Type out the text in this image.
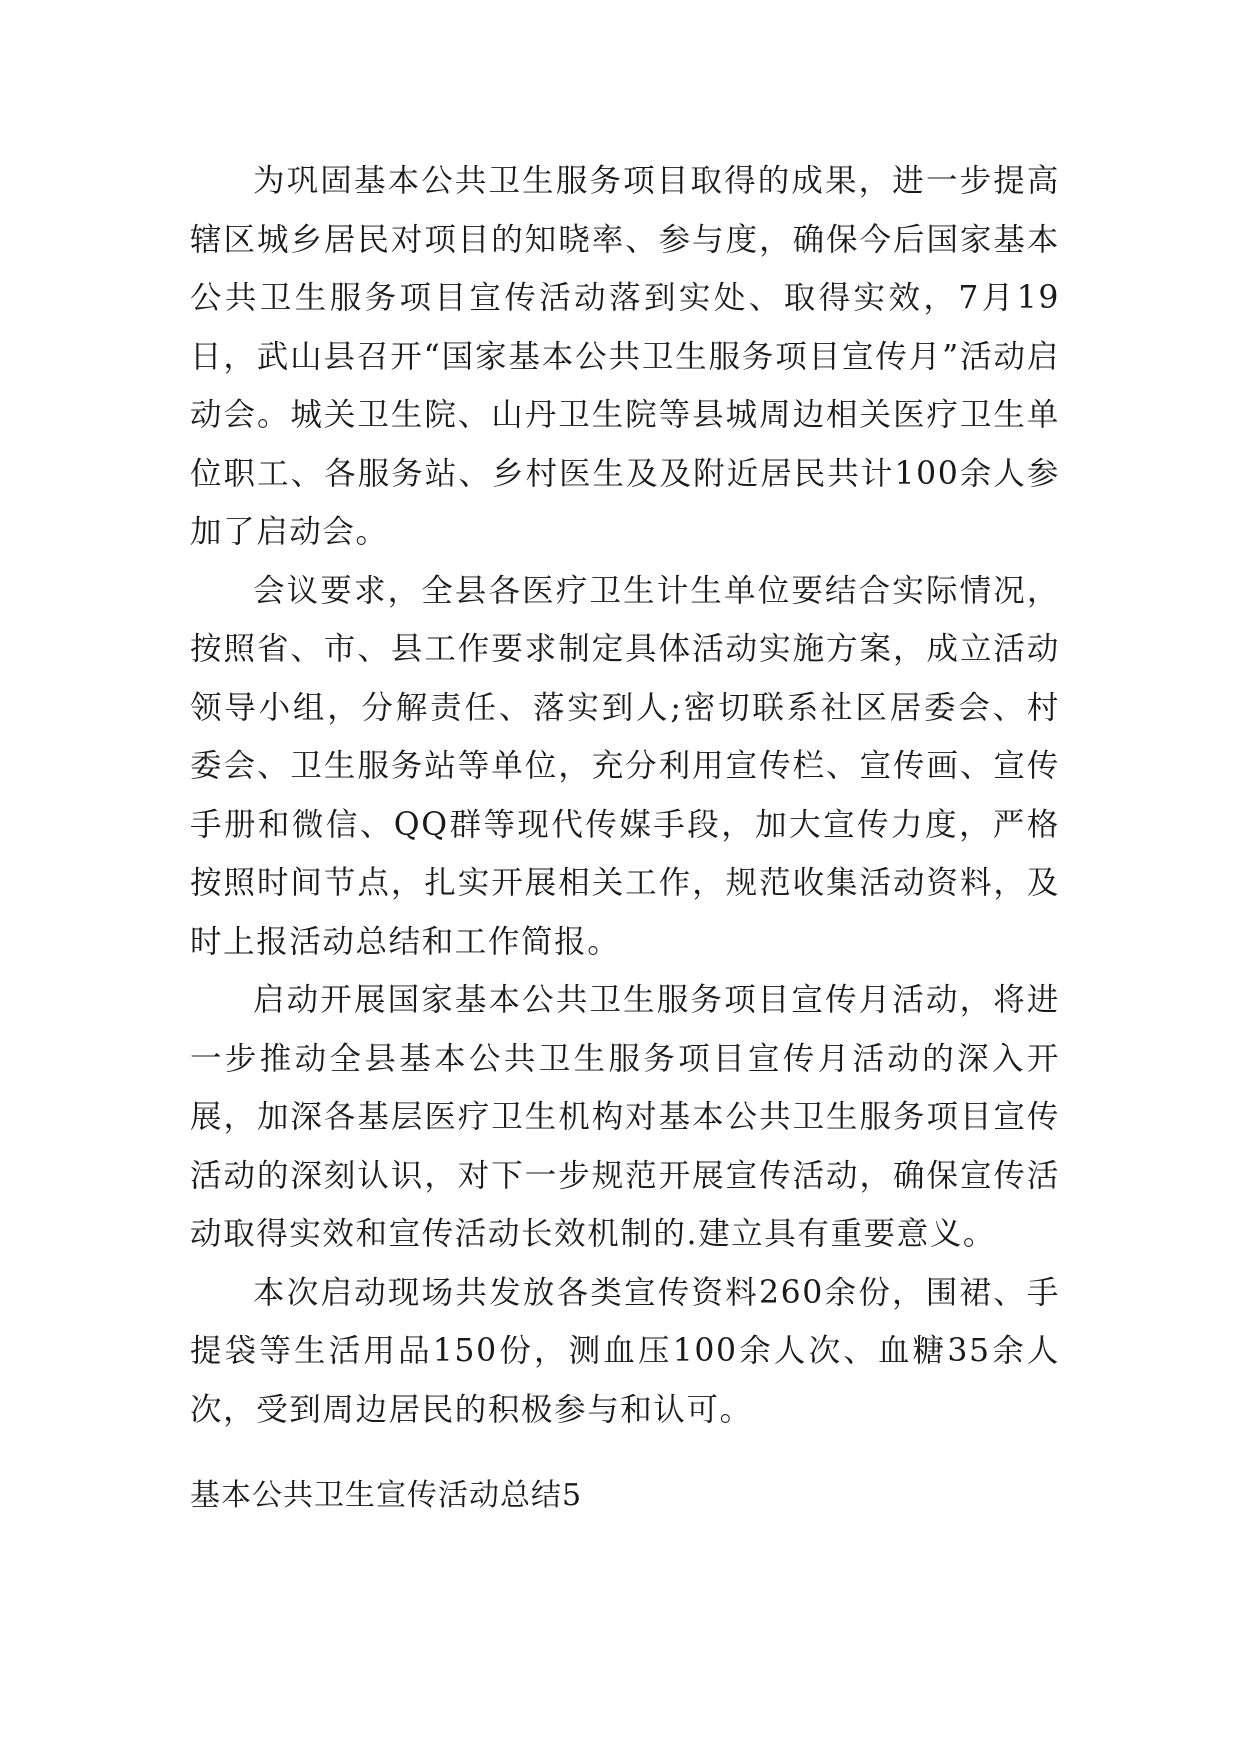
为巩固基本公共卫生服务项目取得的成果，进一步提高辖区城乡居民对项目的知晓率、参与度，确保今后国家基本公共卫生服务项目宣传活动落到实处、取得实效，7月19日，武山县召开“国家基本公共卫生服务项目宣传月”活动启动会。城关卫生院、山丹卫生院等县城周边相关医疗卫生单位职工、各服务站、乡村医生及及附近居民共计100余人参加了启动会。

会议要求，全县各医疗卫生计生单位要结合实际情况，按照省、市、县工作要求制定具体活动实施方案，成立活动领导小组，分解责任、落实到人;密切联系社区居委会、村委会、卫生服务站等单位，充分利用宣传栏、宣传画、宣传手册和微信、QQ群等现代传媒手段，加大宣传力度，严格按照时间节点，扎实开展相关工作，规范收集活动资料，及时上报活动总结和工作简报。

启动开展国家基本公共卫生服务项目宣传月活动，将进一步推动全县基本公共卫生服务项目宣传月活动的深入开展，加深各基层医疗卫生机构对基本公共卫生服务项目宣传活动的深刻认识，对下一步规范开展宣传活动，确保宣传活动取得实效和宣传活动长效机制的.建立具有重要意义。

本次启动现场共发放各类宣传资料260余份，围裙、手提袋等生活用品150份，测血压100余人次、血糖35余人次，受到周边居民的积极参与和认可。

基本公共卫生宣传活动总结5
